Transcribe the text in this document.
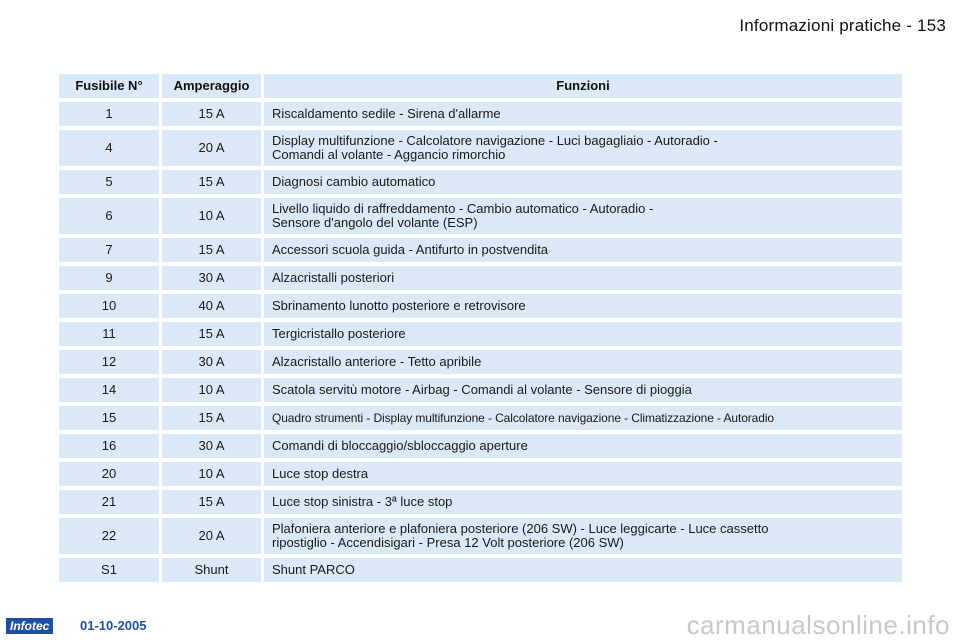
Informazioni pratiche - 153
Fusibile N°	Amperaggio	Funzioni
1	15 A	Riscaldamento sedile - Sirena d'allarme
4	20 A	Display multifunzione - Calcolatore navigazione - Luci bagagliaio - Autoradio -
Comandi al volante - Aggancio rimorchio
5	15 A	Diagnosi cambio automatico
6	10 A	Livello liquido di raffreddamento - Cambio automatico - Autoradio -
Sensore d'angolo del volante (ESP)
7	15 A	Accessori scuola guida - Antifurto in postvendita
9	30 A	Alzacristalli posteriori
10	40 A	Sbrinamento lunotto posteriore e retrovisore
11	15 A	Tergicristallo posteriore
12	30 A	Alzacristallo anteriore - Tetto apribile
14	10 A	Scatola servitù motore - Airbag - Comandi al volante - Sensore di pioggia
15	15 A	Quadro strumenti - Display multifunzione - Calcolatore navigazione - Climatizzazione - Autoradio
16	30 A	Comandi di bloccaggio/sbloccaggio aperture
20	10 A	Luce stop destra
21	15 A	Luce stop sinistra - 3ª luce stop
22	20 A	Plafoniera anteriore e plafoniera posteriore (206 SW) - Luce leggicarte - Luce cassetto
ripostiglio - Accendisigari - Presa 12 Volt posteriore (206 SW)
S1	Shunt	Shunt PARCO
Infotec	01-10-2005	carmanualsonline.info
